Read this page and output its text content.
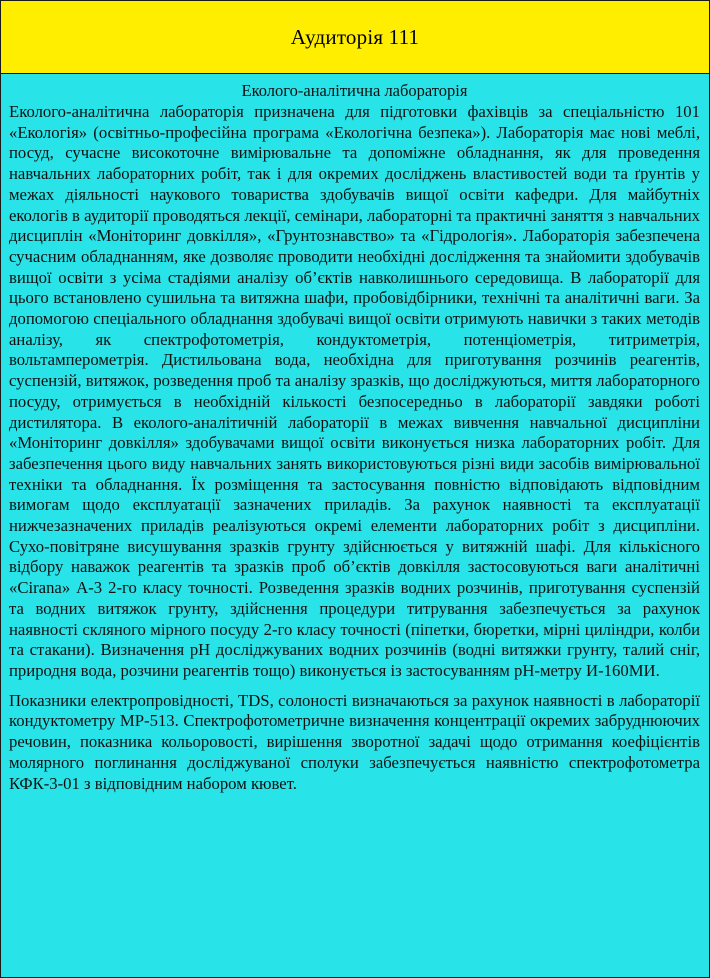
Аудиторія 111
Еколого-аналітична лабораторія

Еколого-аналітична лабораторія призначена для підготовки фахівців за спеціальністю 101 «Екологія» (освітньо-професійна програма «Екологічна безпека»). Лабораторія має нові меблі, посуд, сучасне високоточне вимірювальне та допоміжне обладнання, як для проведення навчальних лабораторних робіт, так і для окремих досліджень властивостей води та ґрунтів у межах діяльності наукового товариства здобувачів вищої освіти кафедри. Для майбутніх екологів в аудиторії проводяться лекції, семінари, лабораторні та практичні заняття з навчальних дисциплін «Моніторинг довкілля», «Грунтознавство» та «Гідрологія». Лабораторія забезпечена сучасним обладнанням, яке дозволяє проводити необхідні дослідження та знайомити здобувачів вищої освіти з усіма стадіями аналізу об’єктів навколишнього середовища. В лабораторії для цього встановлено сушильна та витяжна шафи, пробовідбірники, технічні та аналітичні ваги. За допомогою спеціального обладнання здобувачі вищої освіти отримують навички з таких методів аналізу, як спектрофотометрія, кондуктометрія, потенціометрія, титриметрія, вольтамперометрія. Дистильована вода, необхідна для приготування розчинів реагентів, суспензій, витяжок, розведення проб та аналізу зразків, що досліджуються, миття лабораторного посуду, отримується в необхідній кількості безпосередньо в лабораторії завдяки роботі дистилятора. В еколого-аналітичній лабораторії в межах вивчення навчальної дисципліни «Моніторинг довкілля» здобувачами вищої освіти виконується низка лабораторних робіт. Для забезпечення цього виду навчальних занять використовуються різні види засобів вимірювальної техніки та обладнання. Їх розміщення та застосування повністю відповідають відповідним вимогам щодо експлуатації зазначених приладів. За рахунок наявності та експлуатації нижчезазначених приладів реалізуються окремі елементи лабораторних робіт з дисципліни. Сухо-повітряне висушування зразків грунту здійснюється у витяжній шафі. Для кількісного відбору наважок реагентів та зразків проб об’єктів довкілля застосовуються ваги аналітичні «Cirana» А-3 2-го класу точності. Розведення зразків водних розчинів, приготування суспензій та водних витяжок грунту, здійснення процедури титрування забезпечується за рахунок наявності скляного мірного посуду 2-го класу точності (піпетки, бюретки, мірні циліндри, колби та стакани). Визначення pH досліджуваних водних розчинів (водні витяжки грунту, талий сніг, природня вода, розчини реагентів тощо) виконується із застосуванням pH-метру И-160МИ.

Показники електропровідності, TDS, солоності визначаються за рахунок наявності в лабораторії кондуктометру МР-513. Спектрофотометричне визначення концентрації окремих забруднюючих речовин, показника кольоровості, вирішення зворотної задачі щодо отримання коефіцієнтів молярного поглинання досліджуваної сполуки забезпечується наявністю спектрофотометра КФК-3-01 з відповідним набором кювет.
